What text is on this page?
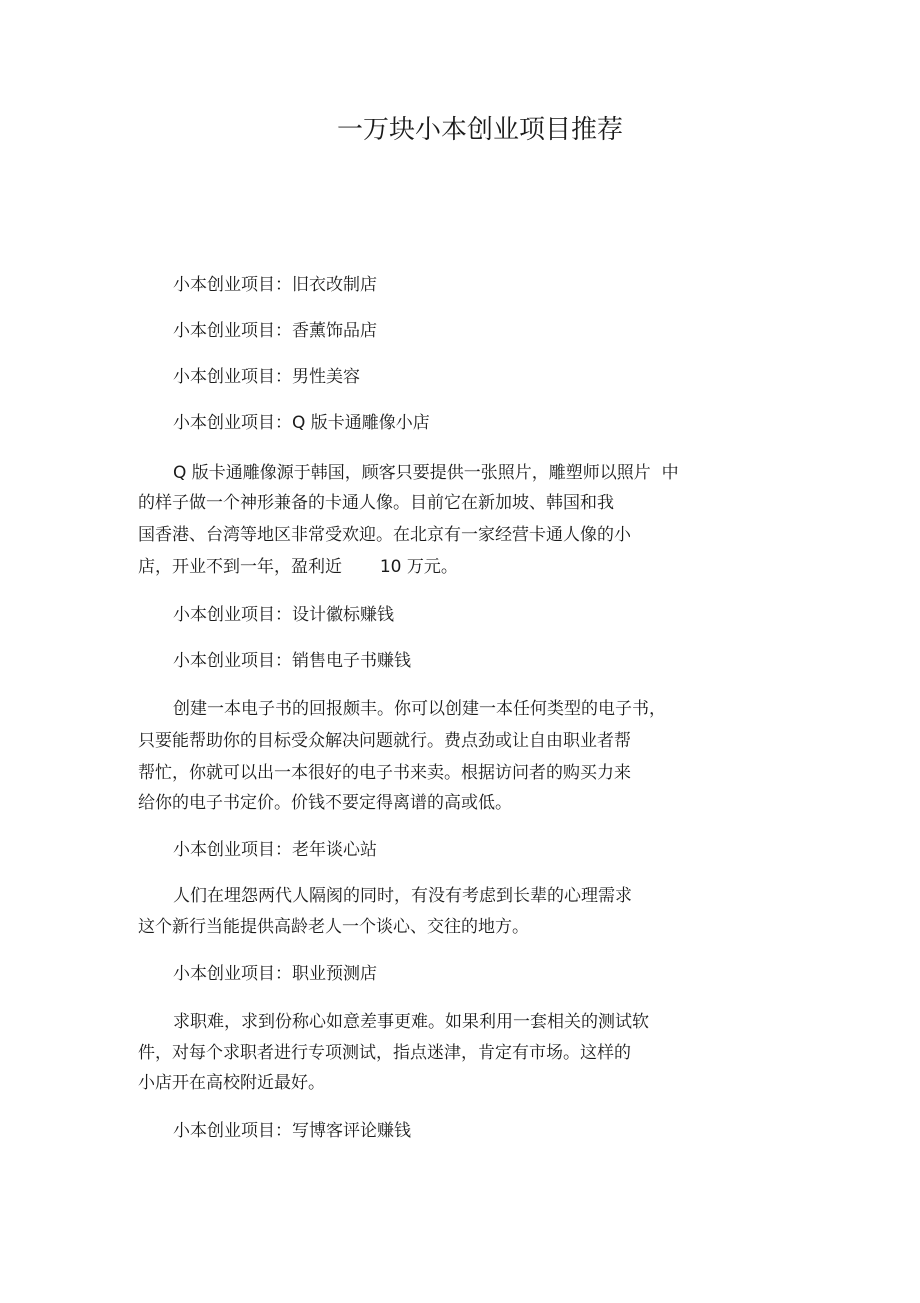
一万块小本创业项目推荐
小本创业项目：旧衣改制店
小本创业项目：香薰饰品店
小本创业项目：男性美容
小本创业项目：Q 版卡通雕像小店
Q 版卡通雕像源于韩国，顾客只要提供一张照片，雕塑师以照片  中
的样子做一个神形兼备的卡通人像。目前它在新加坡、韩国和我
国香港、台湾等地区非常受欢迎。在北京有一家经营卡通人像的小
店，开业不到一年，盈利近       10 万元。
小本创业项目：设计徽标赚钱
小本创业项目：销售电子书赚钱
创建一本电子书的回报颇丰。你可以创建一本任何类型的电子书，
只要能帮助你的目标受众解决问题就行。费点劲或让自由职业者帮
帮忙，你就可以出一本很好的电子书来卖。根据访问者的购买力来
给你的电子书定价。价钱不要定得离谱的高或低。
小本创业项目：老年谈心站
人们在埋怨两代人隔阂的同时，有没有考虑到长辈的心理需求
这个新行当能提供高龄老人一个谈心、交往的地方。
小本创业项目：职业预测店
求职难，求到份称心如意差事更难。如果利用一套相关的测试软
件，对每个求职者进行专项测试，指点迷津，肯定有市场。这样的
小店开在高校附近最好。
小本创业项目：写博客评论赚钱
